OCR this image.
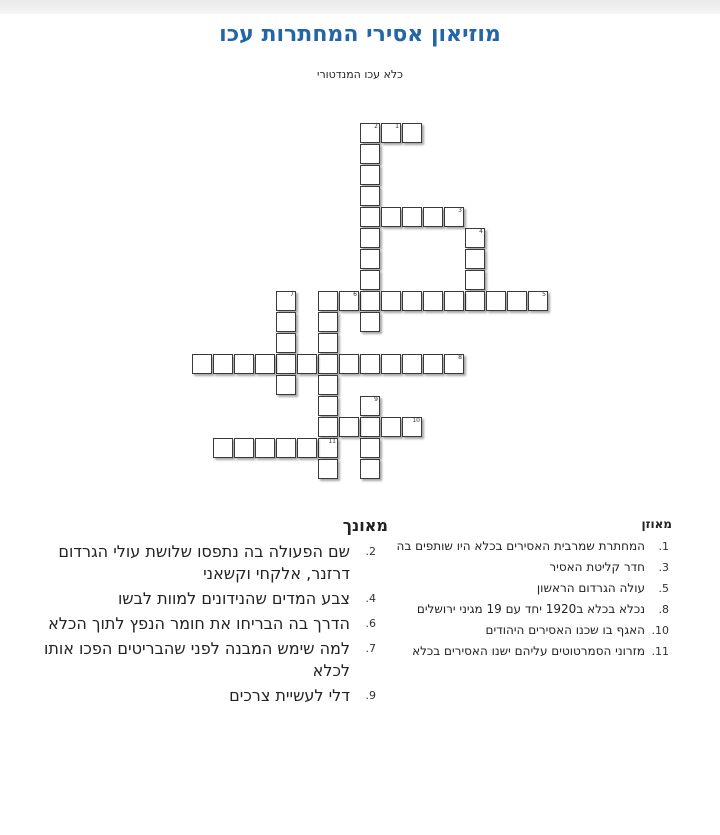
מוזיאון אסירי המחתרות עכו
כלא עכו המנדטורי
2
4
7
11
9
1
3
6	5
8
10
מאוזן
1.
המחתרת שמרבית האסירים בכלא היו שותפים בה
3.
חדר קליטת האסיר
5.
עולה הגרדום הראשון
8.
נכלא בכלא ב1920 יחד עם 19 מגיני ירושלים
10.
האגף בו שכנו האסירים היהודים
11.
מזרוני הסמרטוטים עליהם ישנו האסירים בכלא
מאונך
2.
שם הפעולה בה נתפסו שלושת עולי הגרדום דרזנר, אלקחי וקשאני
4.
צבע המדים שהנידונים למוות לבשו
6.
הדרך בה הבריחו את חומר הנפץ לתוך הכלא
7.
למה שימש המבנה לפני שהבריטים הפכו אותו לכלא
9.
דלי לעשיית צרכים
